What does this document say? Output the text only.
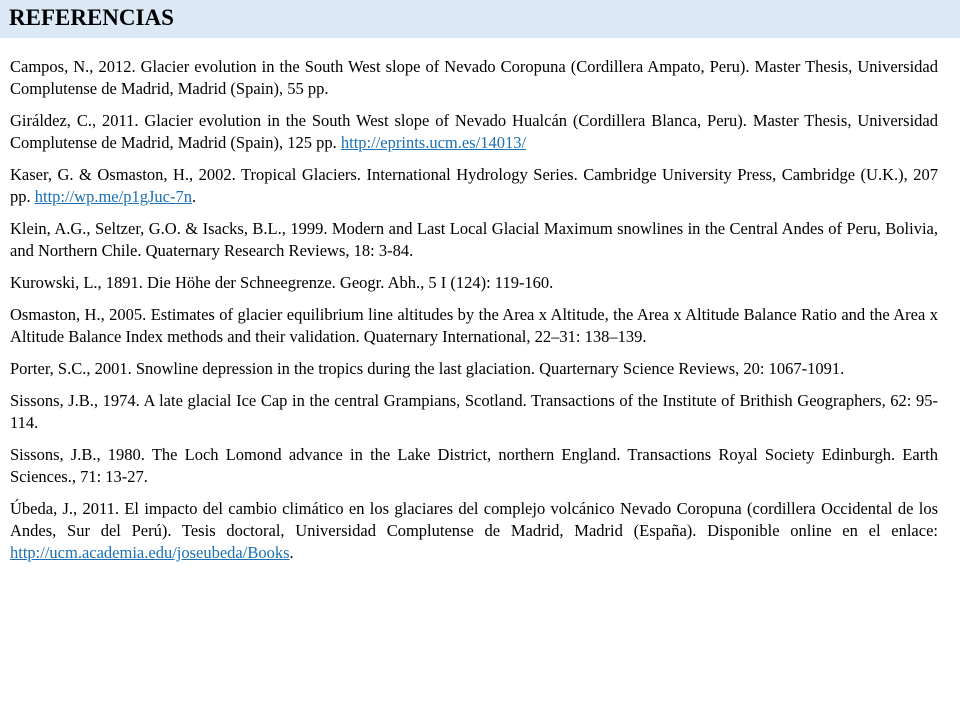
REFERENCIAS

Campos, N., 2012. Glacier evolution in the South West slope of Nevado Coropuna (Cordillera Ampato, Peru). Master Thesis, Universidad Complutense de Madrid, Madrid (Spain), 55 pp.

Giráldez, C., 2011. Glacier evolution in the South West slope of Nevado Hualcán (Cordillera Blanca, Peru). Master Thesis, Universidad Complutense de Madrid, Madrid (Spain), 125 pp. http://eprints.ucm.es/14013/

Kaser, G. & Osmaston, H., 2002. Tropical Glaciers. International Hydrology Series. Cambridge University Press, Cambridge (U.K.), 207 pp. http://wp.me/p1gJuc-7n.

Klein, A.G., Seltzer, G.O. & Isacks, B.L., 1999. Modern and Last Local Glacial Maximum snowlines in the Central Andes of Peru, Bolivia, and Northern Chile. Quaternary Research Reviews, 18: 3-84.

Kurowski, L., 1891. Die Höhe der Schneegrenze. Geogr. Abh., 5 I (124): 119-160.

Osmaston, H., 2005. Estimates of glacier equilibrium line altitudes by the Area x Altitude, the Area x Altitude Balance Ratio and the Area x Altitude Balance Index methods and their validation. Quaternary International, 22–31: 138–139.

Porter, S.C., 2001. Snowline depression in the tropics during the last glaciation. Quarternary Science Reviews, 20: 1067-1091.

Sissons, J.B., 1974. A late glacial Ice Cap in the central Grampians, Scotland. Transactions of the Institute of Brithish Geographers, 62: 95-114.

Sissons, J.B., 1980. The Loch Lomond advance in the Lake District, northern England. Transactions Royal Society Edinburgh. Earth Sciences., 71: 13-27.

Úbeda, J., 2011. El impacto del cambio climático en los glaciares del complejo volcánico Nevado Coropuna (cordillera Occidental de los Andes, Sur del Perú). Tesis doctoral, Universidad Complutense de Madrid, Madrid (España). Disponible online en el enlace: http://ucm.academia.edu/joseubeda/Books.
